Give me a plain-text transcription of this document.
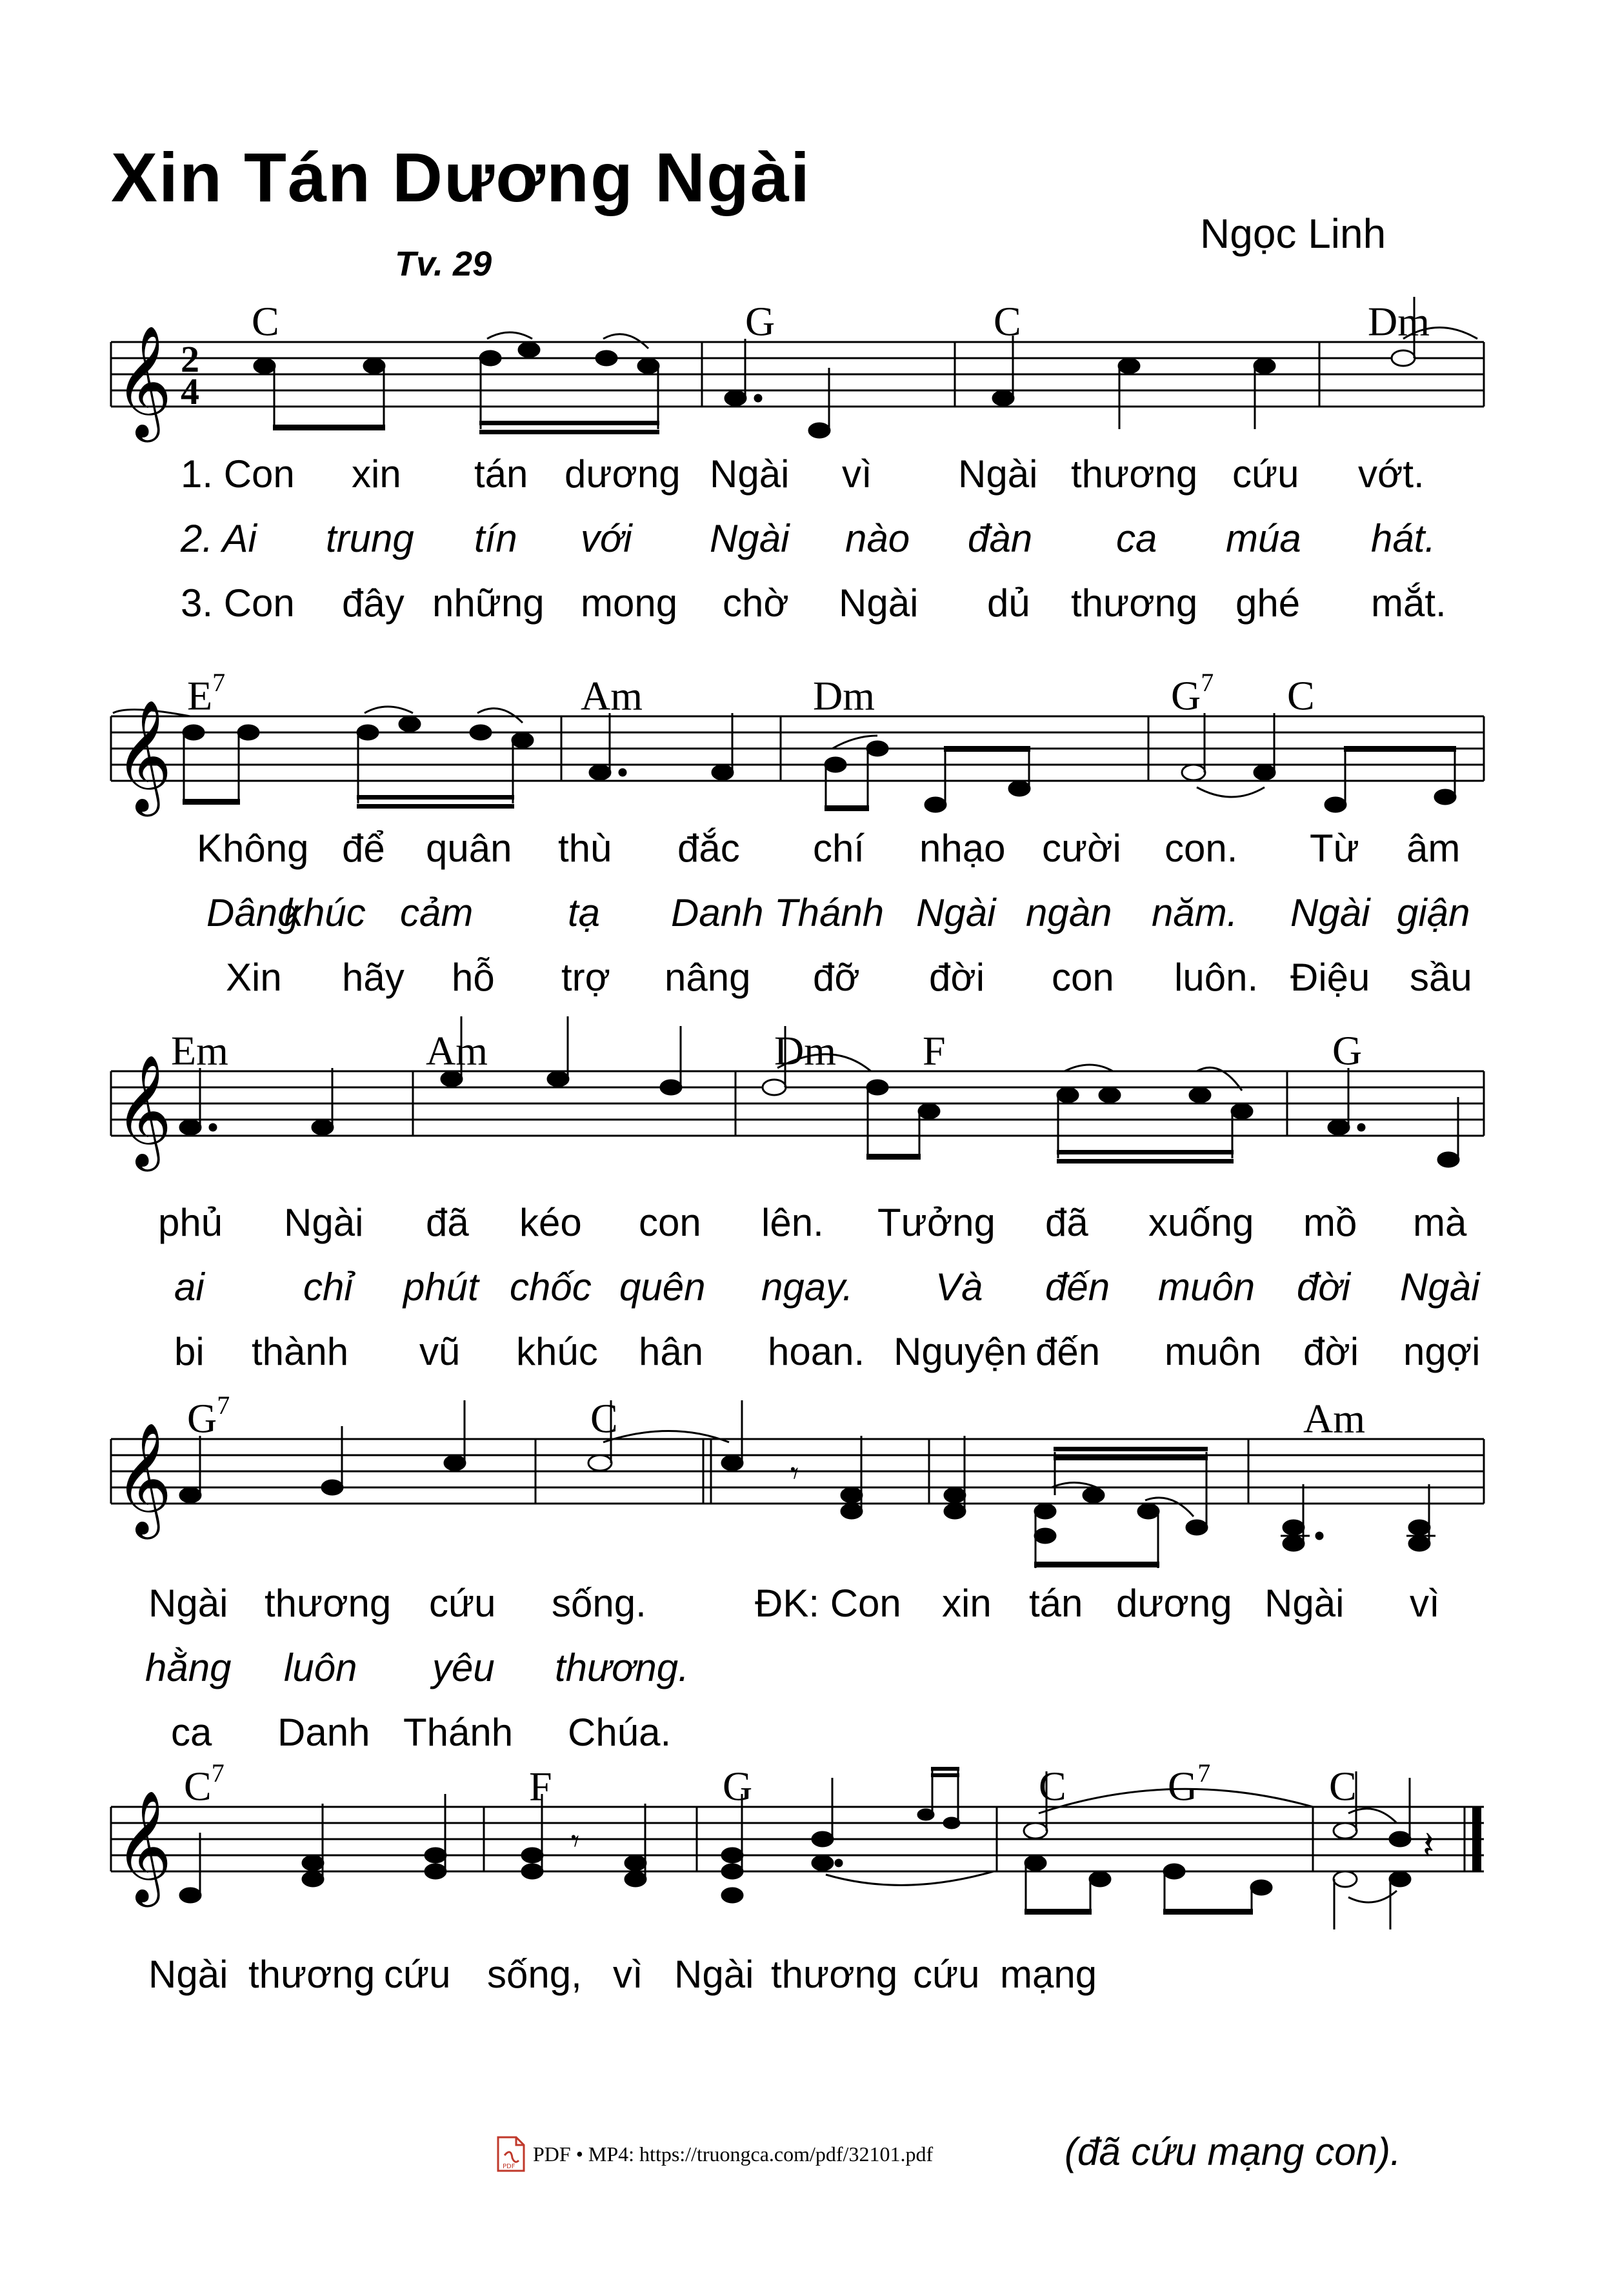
Xin Tán Dương Ngài
Tv. 29
Ngọc Linh
𝄞 2
4
C	G	C	Dm
1. Con xin tán dương Ngài vì Ngài thương cứu vớt.
2. Ai trung tín với Ngài nào đàn ca múa hát.
3. Con đây những mong chờ Ngài dủ thương ghé mắt.
𝄞
$E^7$	Am	Dm	$G^7$ C
Không để quân thù đắc chí nhạo cười con. Từ âm
Dâng
khúc cảm tạ Danh Thánh Ngài ngàn năm. Ngài giận
Xin hãy hỗ trợ nâng đỡ đời con luôn. Điệu sầu
𝄞
Em	Am	Dm F	G
phủ Ngài đã kéo con lên. Tưởng đã xuống mồ mà
ai	chỉ phút chốc quên ngay. Và đến muôn đời Ngài
bi thành vũ khúc hân hoan. Nguyện đến muôn đời ngợi
𝄞	𝄾
$G^7$	C	Am
Ngài thương cứu sống.	ĐK: Con xin tán dương Ngài vì
hằng luôn yêu thương.
ca Danh Thánh Chúa.
𝄞	𝄾	𝄽
$C^7$	F	G	C $G^7$	C
Ngài thương cứu sống, vì Ngài thương cứu mạng
(đã cứu mạng con).
PDF
PDF • MP4: https://truongca.com/pdf/32101.pdf
